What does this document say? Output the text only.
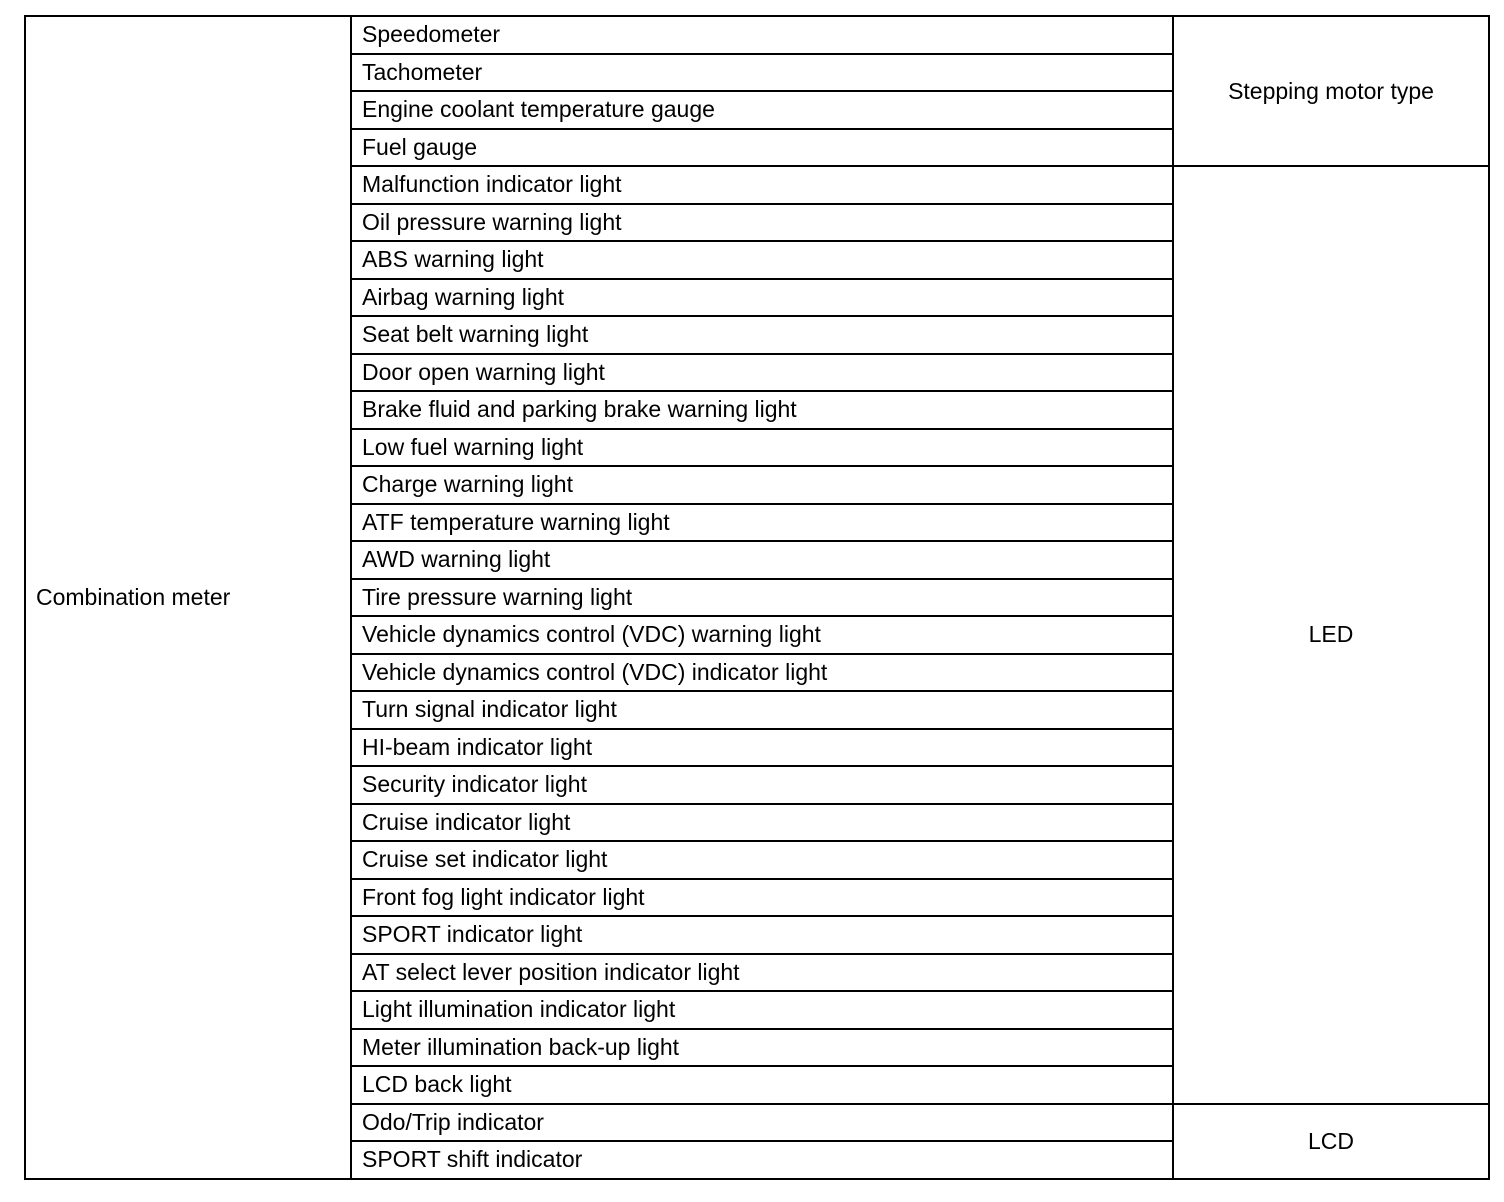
Combination meter	Speedometer	Stepping motor type
	Tachometer	
	Engine coolant temperature gauge	
	Fuel gauge	
	Malfunction indicator light	LED
	Oil pressure warning light	
	ABS warning light	
	Airbag warning light	
	Seat belt warning light	
	Door open warning light	
	Brake fluid and parking brake warning light	
	Low fuel warning light	
	Charge warning light	
	ATF temperature warning light	
	AWD warning light	
	Tire pressure warning light	
	Vehicle dynamics control (VDC) warning light	
	Vehicle dynamics control (VDC) indicator light	
	Turn signal indicator light	
	HI-beam indicator light	
	Security indicator light	
	Cruise indicator light	
	Cruise set indicator light	
	Front fog light indicator light	
	SPORT indicator light	
	AT select lever position indicator light	
	Light illumination indicator light	
	Meter illumination back-up light	
	LCD back light	
	Odo/Trip indicator	LCD
	SPORT shift indicator	
